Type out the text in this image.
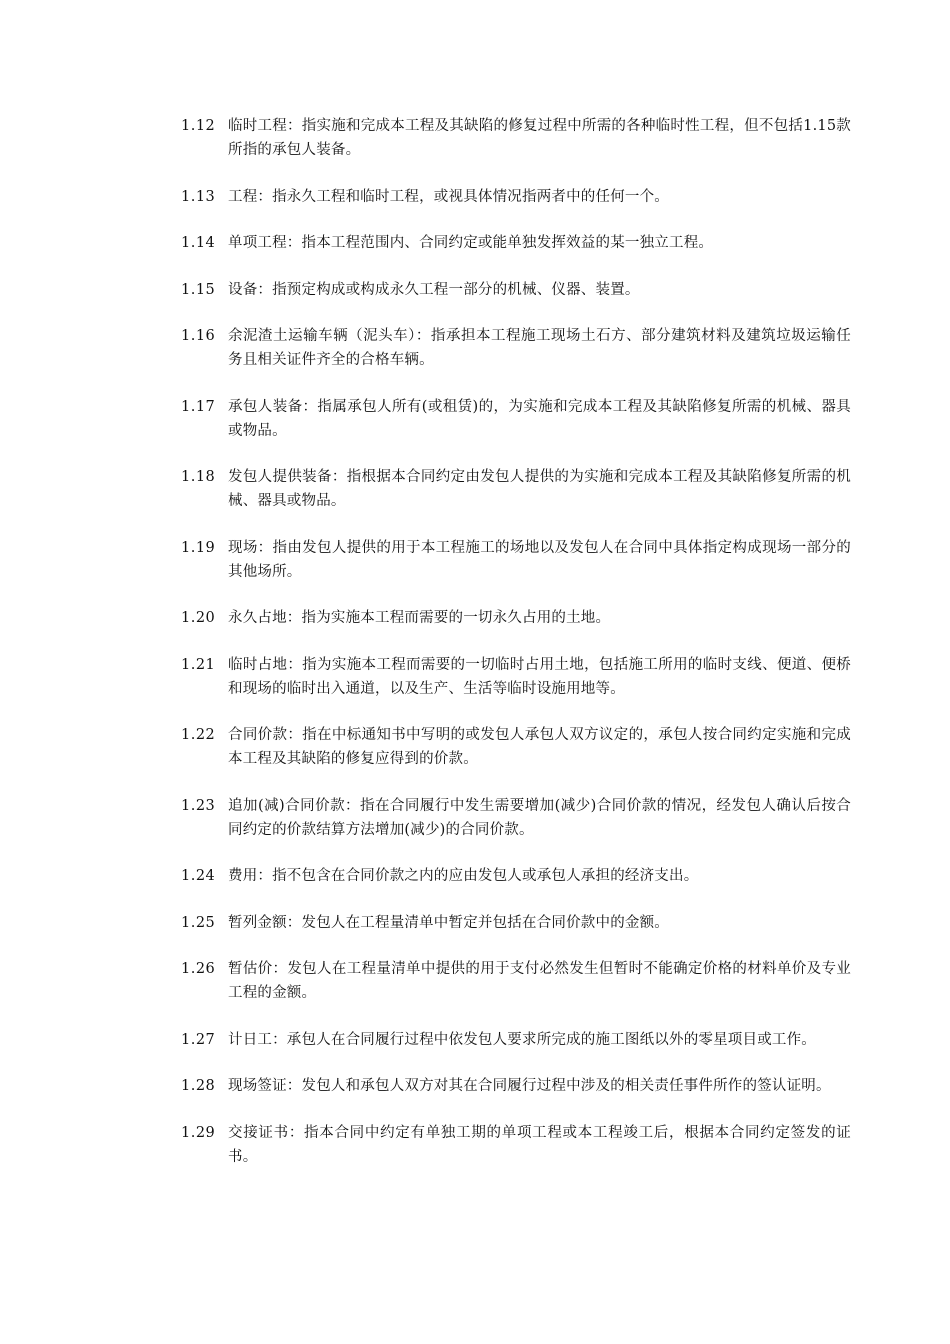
1.12 临时工程：指实施和完成本工程及其缺陷的修复过程中所需的各种临时性工程，但不包括1.15款所指的承包人装备。
1.13 工程：指永久工程和临时工程，或视具体情况指两者中的任何一个。
1.14 单项工程：指本工程范围内、合同约定或能单独发挥效益的某一独立工程。
1.15 设备：指预定构成或构成永久工程一部分的机械、仪器、装置。
1.16 余泥渣土运输车辆（泥头车）：指承担本工程施工现场土石方、部分建筑材料及建筑垃圾运输任务且相关证件齐全的合格车辆。
1.17 承包人装备：指属承包人所有(或租赁)的，为实施和完成本工程及其缺陷修复所需的机械、器具或物品。
1.18 发包人提供装备：指根据本合同约定由发包人提供的为实施和完成本工程及其缺陷修复所需的机械、器具或物品。
1.19 现场：指由发包人提供的用于本工程施工的场地以及发包人在合同中具体指定构成现场一部分的其他场所。
1.20 永久占地：指为实施本工程而需要的一切永久占用的土地。
1.21 临时占地：指为实施本工程而需要的一切临时占用土地，包括施工所用的临时支线、便道、便桥和现场的临时出入通道，以及生产、生活等临时设施用地等。
1.22 合同价款：指在中标通知书中写明的或发包人承包人双方议定的，承包人按合同约定实施和完成本工程及其缺陷的修复应得到的价款。
1.23 追加(减)合同价款：指在合同履行中发生需要增加(减少)合同价款的情况，经发包人确认后按合同约定的价款结算方法增加(减少)的合同价款。
1.24 费用：指不包含在合同价款之内的应由发包人或承包人承担的经济支出。
1.25 暂列金额：发包人在工程量清单中暂定并包括在合同价款中的金额。
1.26 暂估价：发包人在工程量清单中提供的用于支付必然发生但暂时不能确定价格的材料单价及专业工程的金额。
1.27 计日工：承包人在合同履行过程中依发包人要求所完成的施工图纸以外的零星项目或工作。
1.28 现场签证：发包人和承包人双方对其在合同履行过程中涉及的相关责任事件所作的签认证明。
1.29 交接证书：指本合同中约定有单独工期的单项工程或本工程竣工后，根据本合同约定签发的证书。
